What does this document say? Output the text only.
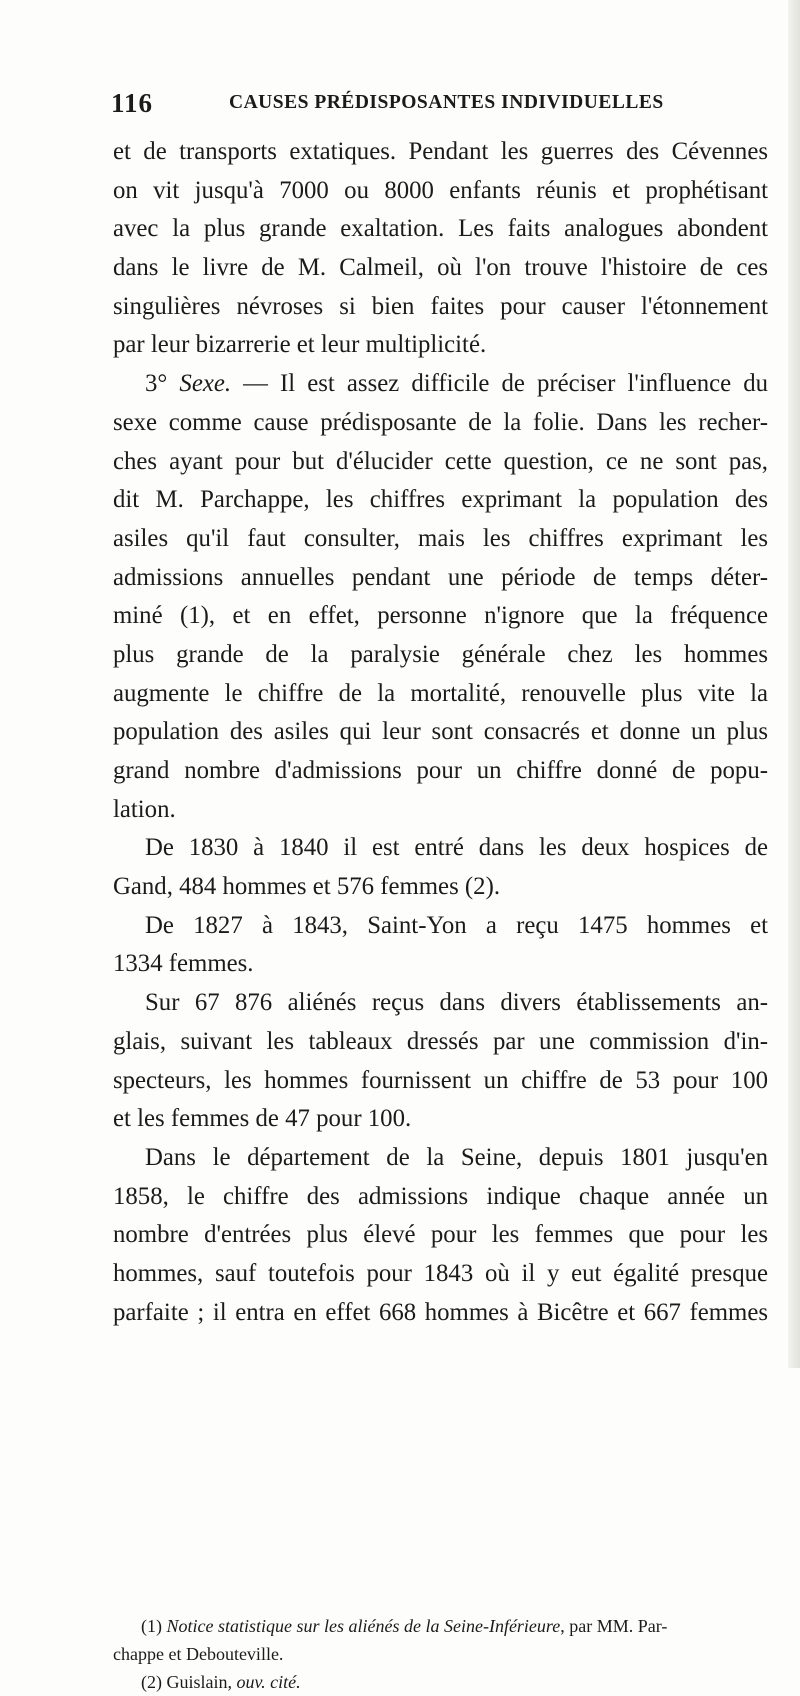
116	CAUSES PRÉDISPOSANTES INDIVIDUELLES
et de transports extatiques. Pendant les guerres des Cévennes
on vit jusqu'à 7000 ou 8000 enfants réunis et prophétisant
avec la plus grande exaltation. Les faits analogues abondent
dans le livre de M. Calmeil, où l'on trouve l'histoire de ces
singulières névroses si bien faites pour causer l'étonnement
par leur bizarrerie et leur multiplicité.
3° Sexe. — Il est assez difficile de préciser l'influence du
sexe comme cause prédisposante de la folie. Dans les recher-
ches ayant pour but d'élucider cette question, ce ne sont pas,
dit M. Parchappe, les chiffres exprimant la population des
asiles qu'il faut consulter, mais les chiffres exprimant les
admissions annuelles pendant une période de temps déter-
miné (1), et en effet, personne n'ignore que la fréquence
plus grande de la paralysie générale chez les hommes
augmente le chiffre de la mortalité, renouvelle plus vite la
population des asiles qui leur sont consacrés et donne un plus
grand nombre d'admissions pour un chiffre donné de popu-
lation.
De 1830 à 1840 il est entré dans les deux hospices de
Gand, 484 hommes et 576 femmes (2).
De 1827 à 1843, Saint-Yon a reçu 1475 hommes et
1334 femmes.
Sur 67 876 aliénés reçus dans divers établissements an-
glais, suivant les tableaux dressés par une commission d'in-
specteurs, les hommes fournissent un chiffre de 53 pour 100
et les femmes de 47 pour 100.
Dans le département de la Seine, depuis 1801 jusqu'en
1858, le chiffre des admissions indique chaque année un
nombre d'entrées plus élevé pour les femmes que pour les
hommes, sauf toutefois pour 1843 où il y eut égalité presque
parfaite ; il entra en effet 668 hommes à Bicêtre et 667 femmes
(1) Notice statistique sur les aliénés de la Seine-Inférieure, par MM. Par-
chappe et Debouteville.
(2) Guislain, ouv. cité.
